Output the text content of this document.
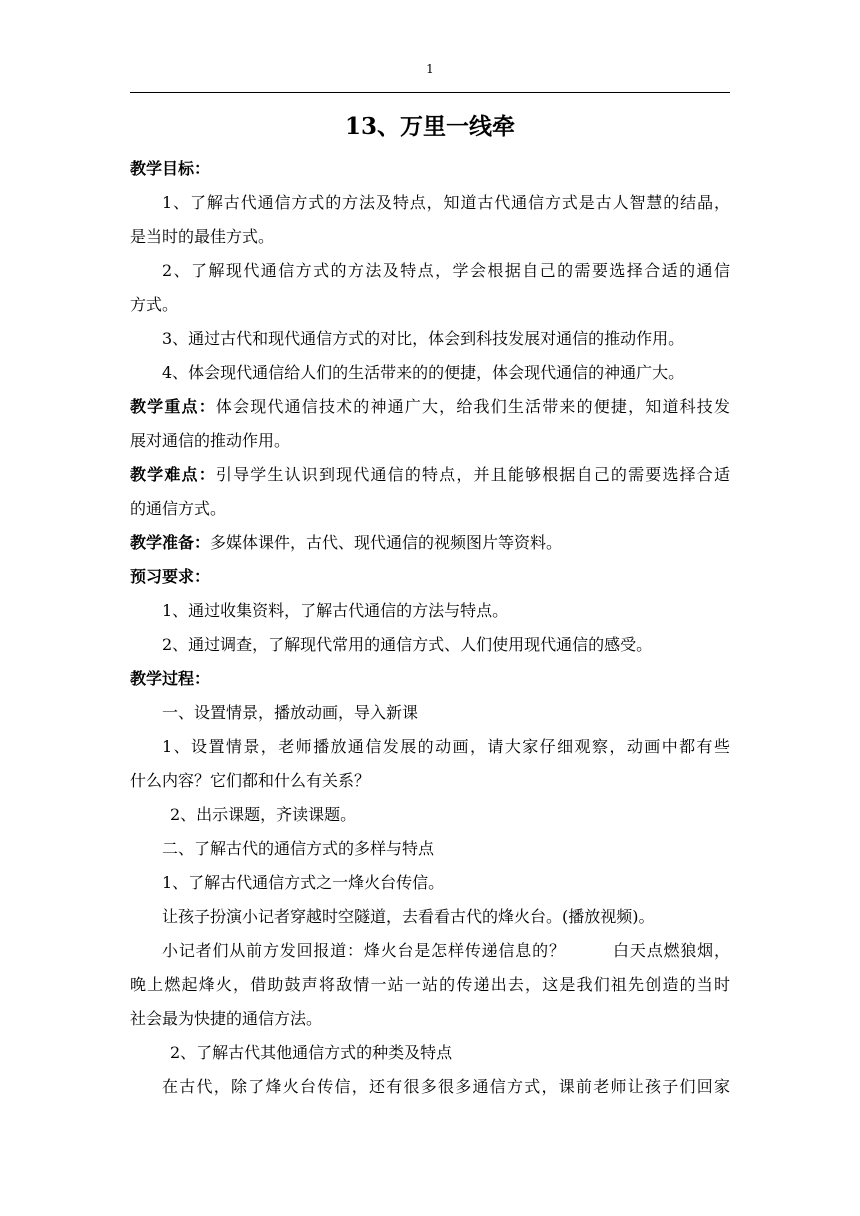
1
13、万里一线牵
教学目标：
1、了解古代通信方式的方法及特点，知道古代通信方式是古人智慧的结晶，
是当时的最佳方式。
2、了解现代通信方式的方法及特点，学会根据自己的需要选择合适的通信
方式。
3、通过古代和现代通信方式的对比，体会到科技发展对通信的推动作用。
4、体会现代通信给人们的生活带来的的便捷，体会现代通信的神通广大。
教学重点：体会现代通信技术的神通广大，给我们生活带来的便捷，知道科技发
展对通信的推动作用。
教学难点：引导学生认识到现代通信的特点，并且能够根据自己的需要选择合适
的通信方式。
教学准备：多媒体课件，古代、现代通信的视频图片等资料。
预习要求：
1、通过收集资料，了解古代通信的方法与特点。
2、通过调查，了解现代常用的通信方式、人们使用现代通信的感受。
教学过程：
一、设置情景，播放动画，导入新课
1、设置情景，老师播放通信发展的动画，请大家仔细观察，动画中都有些
什么内容？它们都和什么有关系？
2、出示课题，齐读课题。
二、了解古代的通信方式的多样与特点
1、了解古代通信方式之一烽火台传信。
让孩子扮演小记者穿越时空隧道，去看看古代的烽火台。(播放视频)。
小记者们从前方发回报道：烽火台是怎样传递信息的？        白天点燃狼烟，
晚上燃起烽火，借助鼓声将敌情一站一站的传递出去，这是我们祖先创造的当时
社会最为快捷的通信方法。
2、了解古代其他通信方式的种类及特点
在古代，除了烽火台传信，还有很多很多通信方式，课前老师让孩子们回家
